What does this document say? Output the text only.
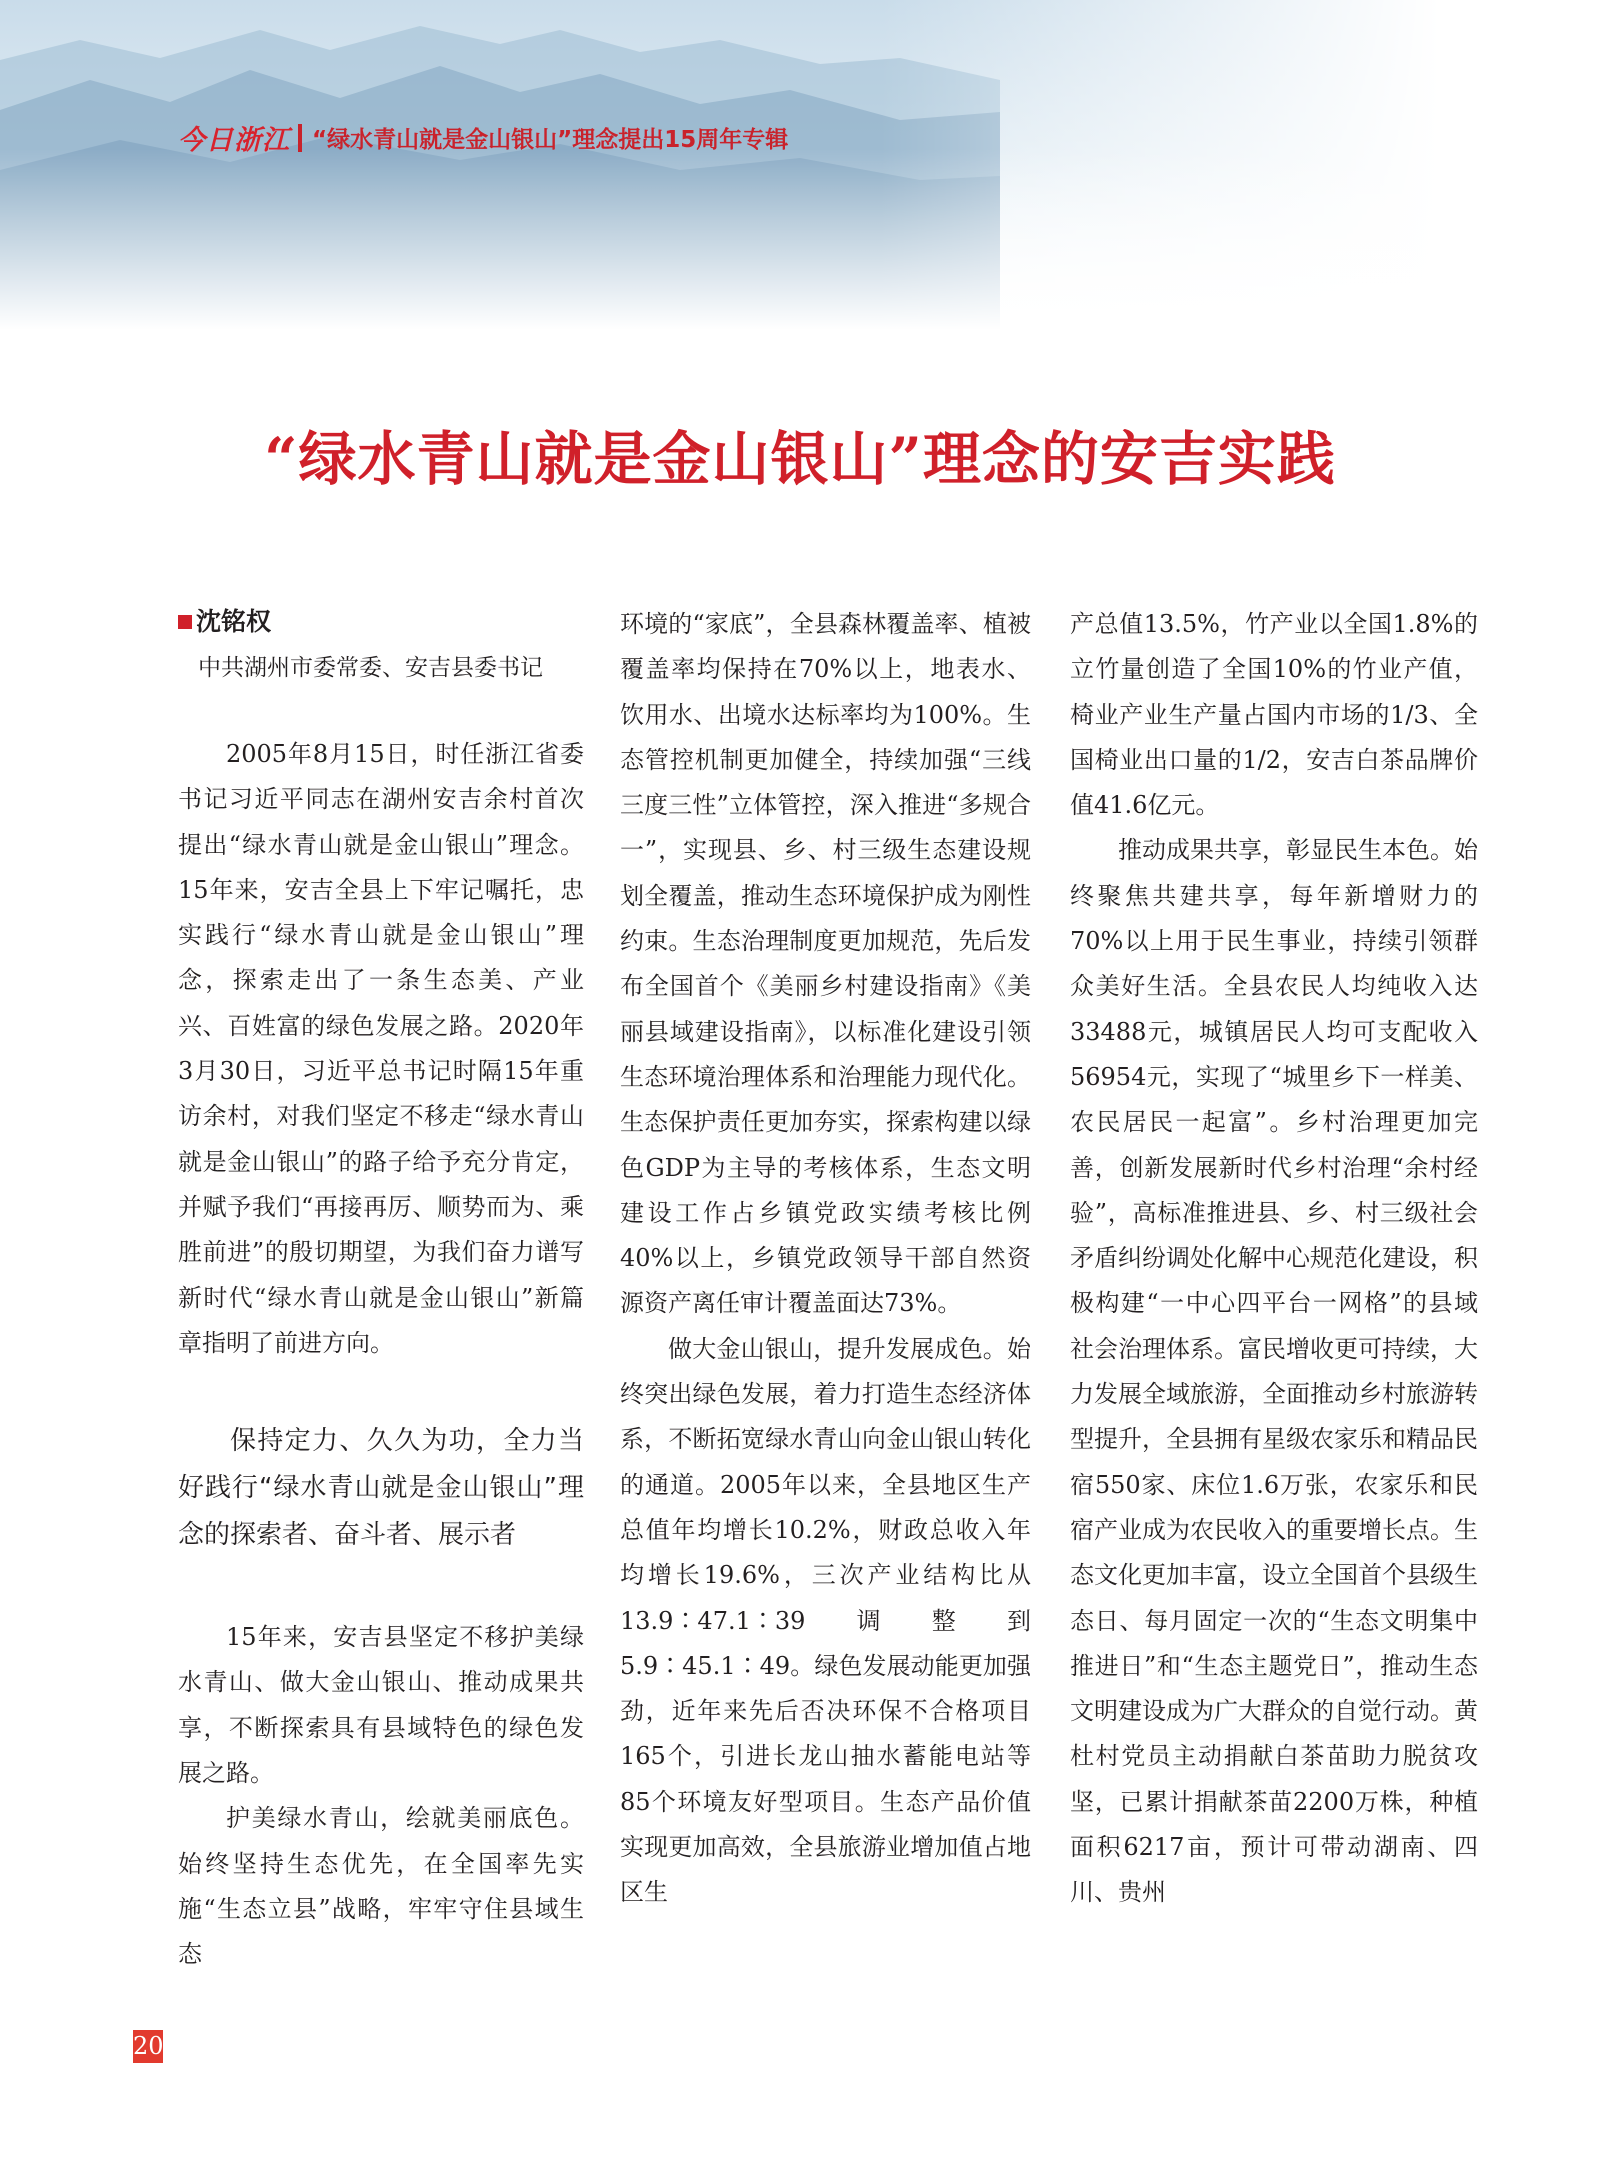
今日浙江 “绿水青山就是金山银山”理念提出15周年专辑
“绿水青山就是金山银山”理念的安吉实践
沈铭权
中共湖州市委常委、安吉县委书记

2005年8月15日，时任浙江省委书记习近平同志在湖州安吉余村首次提出“绿水青山就是金山银山”理念。15年来，安吉全县上下牢记嘱托，忠实践行“绿水青山就是金山银山”理念，探索走出了一条生态美、产业兴、百姓富的绿色发展之路。2020年3月30日，习近平总书记时隔15年重访余村，对我们坚定不移走“绿水青山就是金山银山”的路子给予充分肯定，并赋予我们“再接再厉、顺势而为、乘胜前进”的殷切期望，为我们奋力谱写新时代“绿水青山就是金山银山”新篇章指明了前进方向。

保持定力、久久为功，全力当好践行“绿水青山就是金山银山”理念的探索者、奋斗者、展示者

15年来，安吉县坚定不移护美绿水青山、做大金山银山、推动成果共享，不断探索具有县域特色的绿色发展之路。

护美绿水青山，绘就美丽底色。始终坚持生态优先，在全国率先实施“生态立县”战略，牢牢守住县域生态

环境的“家底”，全县森林覆盖率、植被覆盖率均保持在70%以上，地表水、饮用水、出境水达标率均为100%。生态管控机制更加健全，持续加强“三线三度三性”立体管控，深入推进“多规合一”，实现县、乡、村三级生态建设规划全覆盖，推动生态环境保护成为刚性约束。生态治理制度更加规范，先后发布全国首个《美丽乡村建设指南》《美丽县域建设指南》，以标准化建设引领生态环境治理体系和治理能力现代化。生态保护责任更加夯实，探索构建以绿色GDP为主导的考核体系，生态文明建设工作占乡镇党政实绩考核比例40%以上，乡镇党政领导干部自然资源资产离任审计覆盖面达73%。

做大金山银山，提升发展成色。始终突出绿色发展，着力打造生态经济体系，不断拓宽绿水青山向金山银山转化的通道。2005年以来，全县地区生产总值年均增长10.2%，财政总收入年均增长19.6%，三次产业结构比从13.9∶47.1∶39调整到5.9∶45.1∶49。绿色发展动能更加强劲，近年来先后否决环保不合格项目165个，引进长龙山抽水蓄能电站等85个环境友好型项目。生态产品价值实现更加高效，全县旅游业增加值占地区生

产总值13.5%，竹产业以全国1.8%的立竹量创造了全国10%的竹业产值，椅业产业生产量占国内市场的1/3、全国椅业出口量的1/2，安吉白茶品牌价值41.6亿元。

推动成果共享，彰显民生本色。始终聚焦共建共享，每年新增财力的70%以上用于民生事业，持续引领群众美好生活。全县农民人均纯收入达33488元，城镇居民人均可支配收入56954元，实现了“城里乡下一样美、农民居民一起富”。乡村治理更加完善，创新发展新时代乡村治理“余村经验”，高标准推进县、乡、村三级社会矛盾纠纷调处化解中心规范化建设，积极构建“一中心四平台一网格”的县域社会治理体系。富民增收更可持续，大力发展全域旅游，全面推动乡村旅游转型提升，全县拥有星级农家乐和精品民宿550家、床位1.6万张，农家乐和民宿产业成为农民收入的重要增长点。生态文化更加丰富，设立全国首个县级生态日、每月固定一次的“生态文明集中推进日”和“生态主题党日”，推动生态文明建设成为广大群众的自觉行动。黄杜村党员主动捐献白茶苗助力脱贫攻坚，已累计捐献茶苗2200万株，种植面积6217亩，预计可带动湖南、四川、贵州

20
